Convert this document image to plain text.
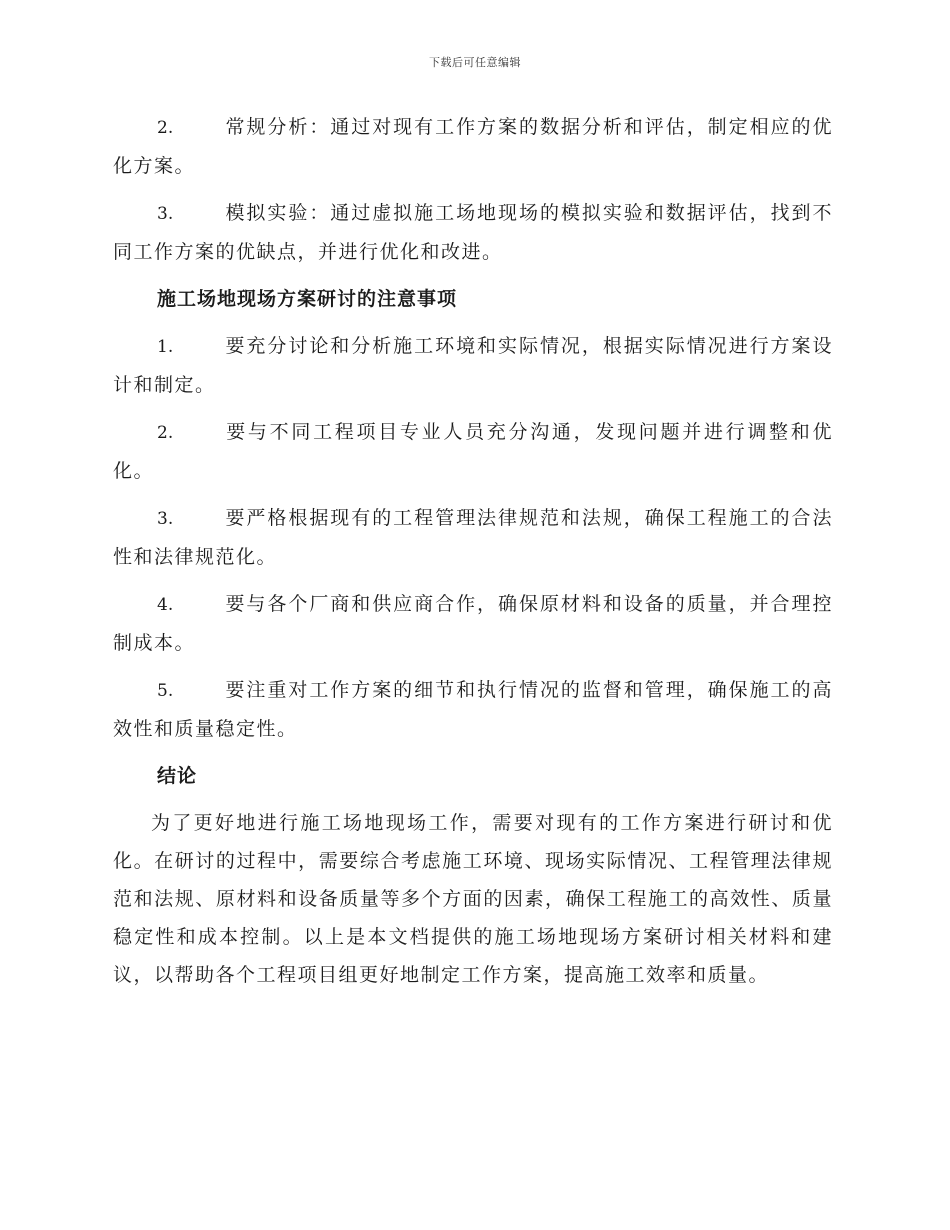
下载后可任意编辑

2.	常规分析：通过对现有工作方案的数据分析和评估，制定相应的优化方案。

3.	模拟实验：通过虚拟施工场地现场的模拟实验和数据评估，找到不同工作方案的优缺点，并进行优化和改进。

施工场地现场方案研讨的注意事项

1.	要充分讨论和分析施工环境和实际情况，根据实际情况进行方案设计和制定。

2.	要与不同工程项目专业人员充分沟通，发现问题并进行调整和优化。

3.	要严格根据现有的工程管理法律规范和法规，确保工程施工的合法性和法律规范化。

4.	要与各个厂商和供应商合作，确保原材料和设备的质量，并合理控制成本。

5.	要注重对工作方案的细节和执行情况的监督和管理，确保施工的高效性和质量稳定性。

结论

为了更好地进行施工场地现场工作，需要对现有的工作方案进行研讨和优化。在研讨的过程中，需要综合考虑施工环境、现场实际情况、工程管理法律规范和法规、原材料和设备质量等多个方面的因素，确保工程施工的高效性、质量稳定性和成本控制。以上是本文档提供的施工场地现场方案研讨相关材料和建议，以帮助各个工程项目组更好地制定工作方案，提高施工效率和质量。
